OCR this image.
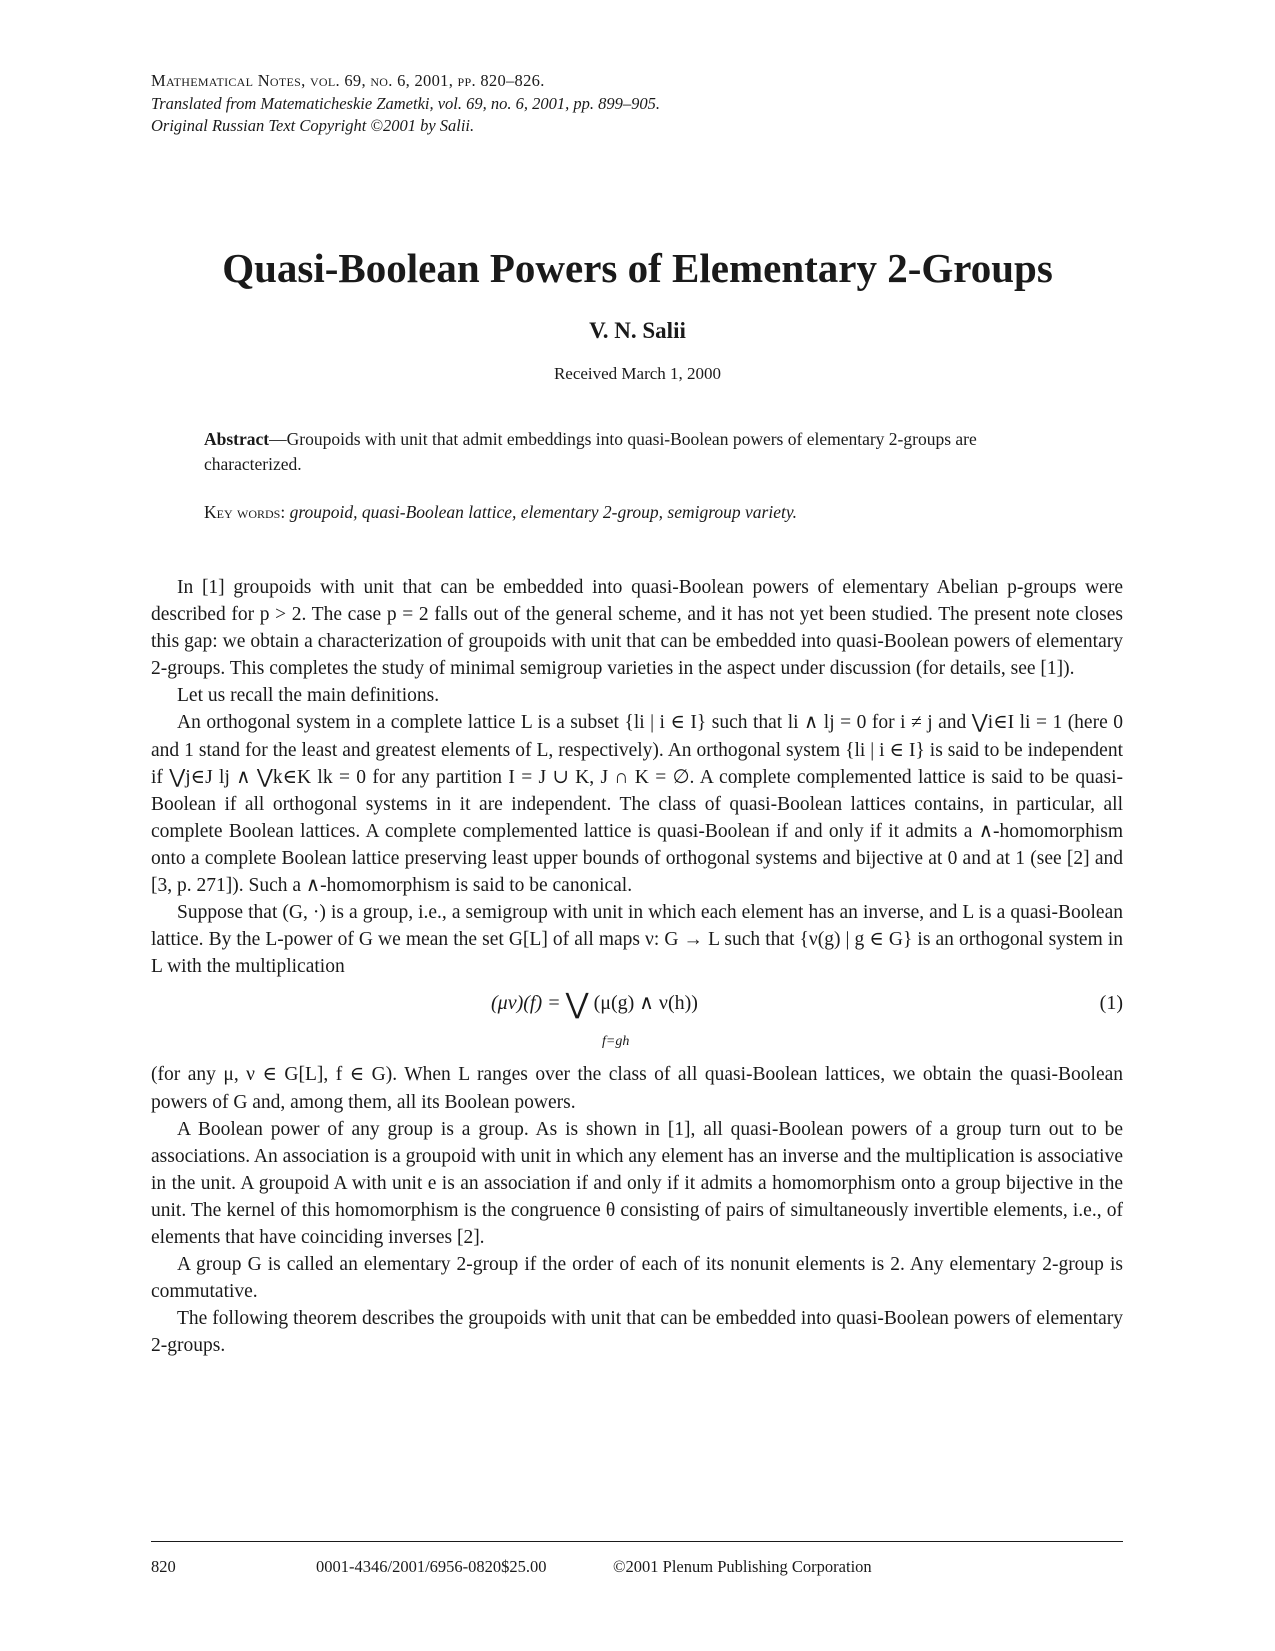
Mathematical Notes, vol. 69, no. 6, 2001, pp. 820–826.
Translated from Matematicheskie Zametki, vol. 69, no. 6, 2001, pp. 899–905.
Original Russian Text Copyright ©2001 by Salii.
Quasi-Boolean Powers of Elementary 2-Groups
V. N. Salii
Received March 1, 2000
Abstract—Groupoids with unit that admit embeddings into quasi-Boolean powers of elementary 2-groups are characterized.
Key words: groupoid, quasi-Boolean lattice, elementary 2-group, semigroup variety.

In [1] groupoids with unit that can be embedded into quasi-Boolean powers of elementary Abelian p-groups were described for p > 2. The case p = 2 falls out of the general scheme, and it has not yet been studied. The present note closes this gap: we obtain a characterization of groupoids with unit that can be embedded into quasi-Boolean powers of elementary 2-groups. This completes the study of minimal semigroup varieties in the aspect under discussion (for details, see [1]).

Let us recall the main definitions.

An orthogonal system in a complete lattice L is a subset {li | i ∈ I} such that li ∧ lj = 0 for i ≠ j and ⋁i∈I li = 1 (here 0 and 1 stand for the least and greatest elements of L, respectively). An orthogonal system {li | i ∈ I} is said to be independent if ⋁j∈J lj ∧ ⋁k∈K lk = 0 for any partition I = J ∪ K, J ∩ K = ∅. A complete complemented lattice is said to be quasi-Boolean if all orthogonal systems in it are independent. The class of quasi-Boolean lattices contains, in particular, all complete Boolean lattices. A complete complemented lattice is quasi-Boolean if and only if it admits a ∧-homomorphism onto a complete Boolean lattice preserving least upper bounds of orthogonal systems and bijective at 0 and at 1 (see [2] and [3, p. 271]). Such a ∧-homomorphism is said to be canonical.

Suppose that (G, ·) is a group, i.e., a semigroup with unit in which each element has an inverse, and L is a quasi-Boolean lattice. By the L-power of G we mean the set G[L] of all maps ν: G → L such that {ν(g) | g ∈ G} is an orthogonal system in L with the multiplication

(μν)(f) = ⋁ (μ(g) ∧ ν(h))
f=gh
(1)

(for any μ, ν ∈ G[L], f ∈ G). When L ranges over the class of all quasi-Boolean lattices, we obtain the quasi-Boolean powers of G and, among them, all its Boolean powers.

A Boolean power of any group is a group. As is shown in [1], all quasi-Boolean powers of a group turn out to be associations. An association is a groupoid with unit in which any element has an inverse and the multiplication is associative in the unit. A groupoid A with unit e is an association if and only if it admits a homomorphism onto a group bijective in the unit. The kernel of this homomorphism is the congruence θ consisting of pairs of simultaneously invertible elements, i.e., of elements that have coinciding inverses [2].

A group G is called an elementary 2-group if the order of each of its nonunit elements is 2. Any elementary 2-group is commutative.

The following theorem describes the groupoids with unit that can be embedded into quasi-Boolean powers of elementary 2-groups.

820	0001-4346/2001/6956-0820$25.00	©2001 Plenum Publishing Corporation
